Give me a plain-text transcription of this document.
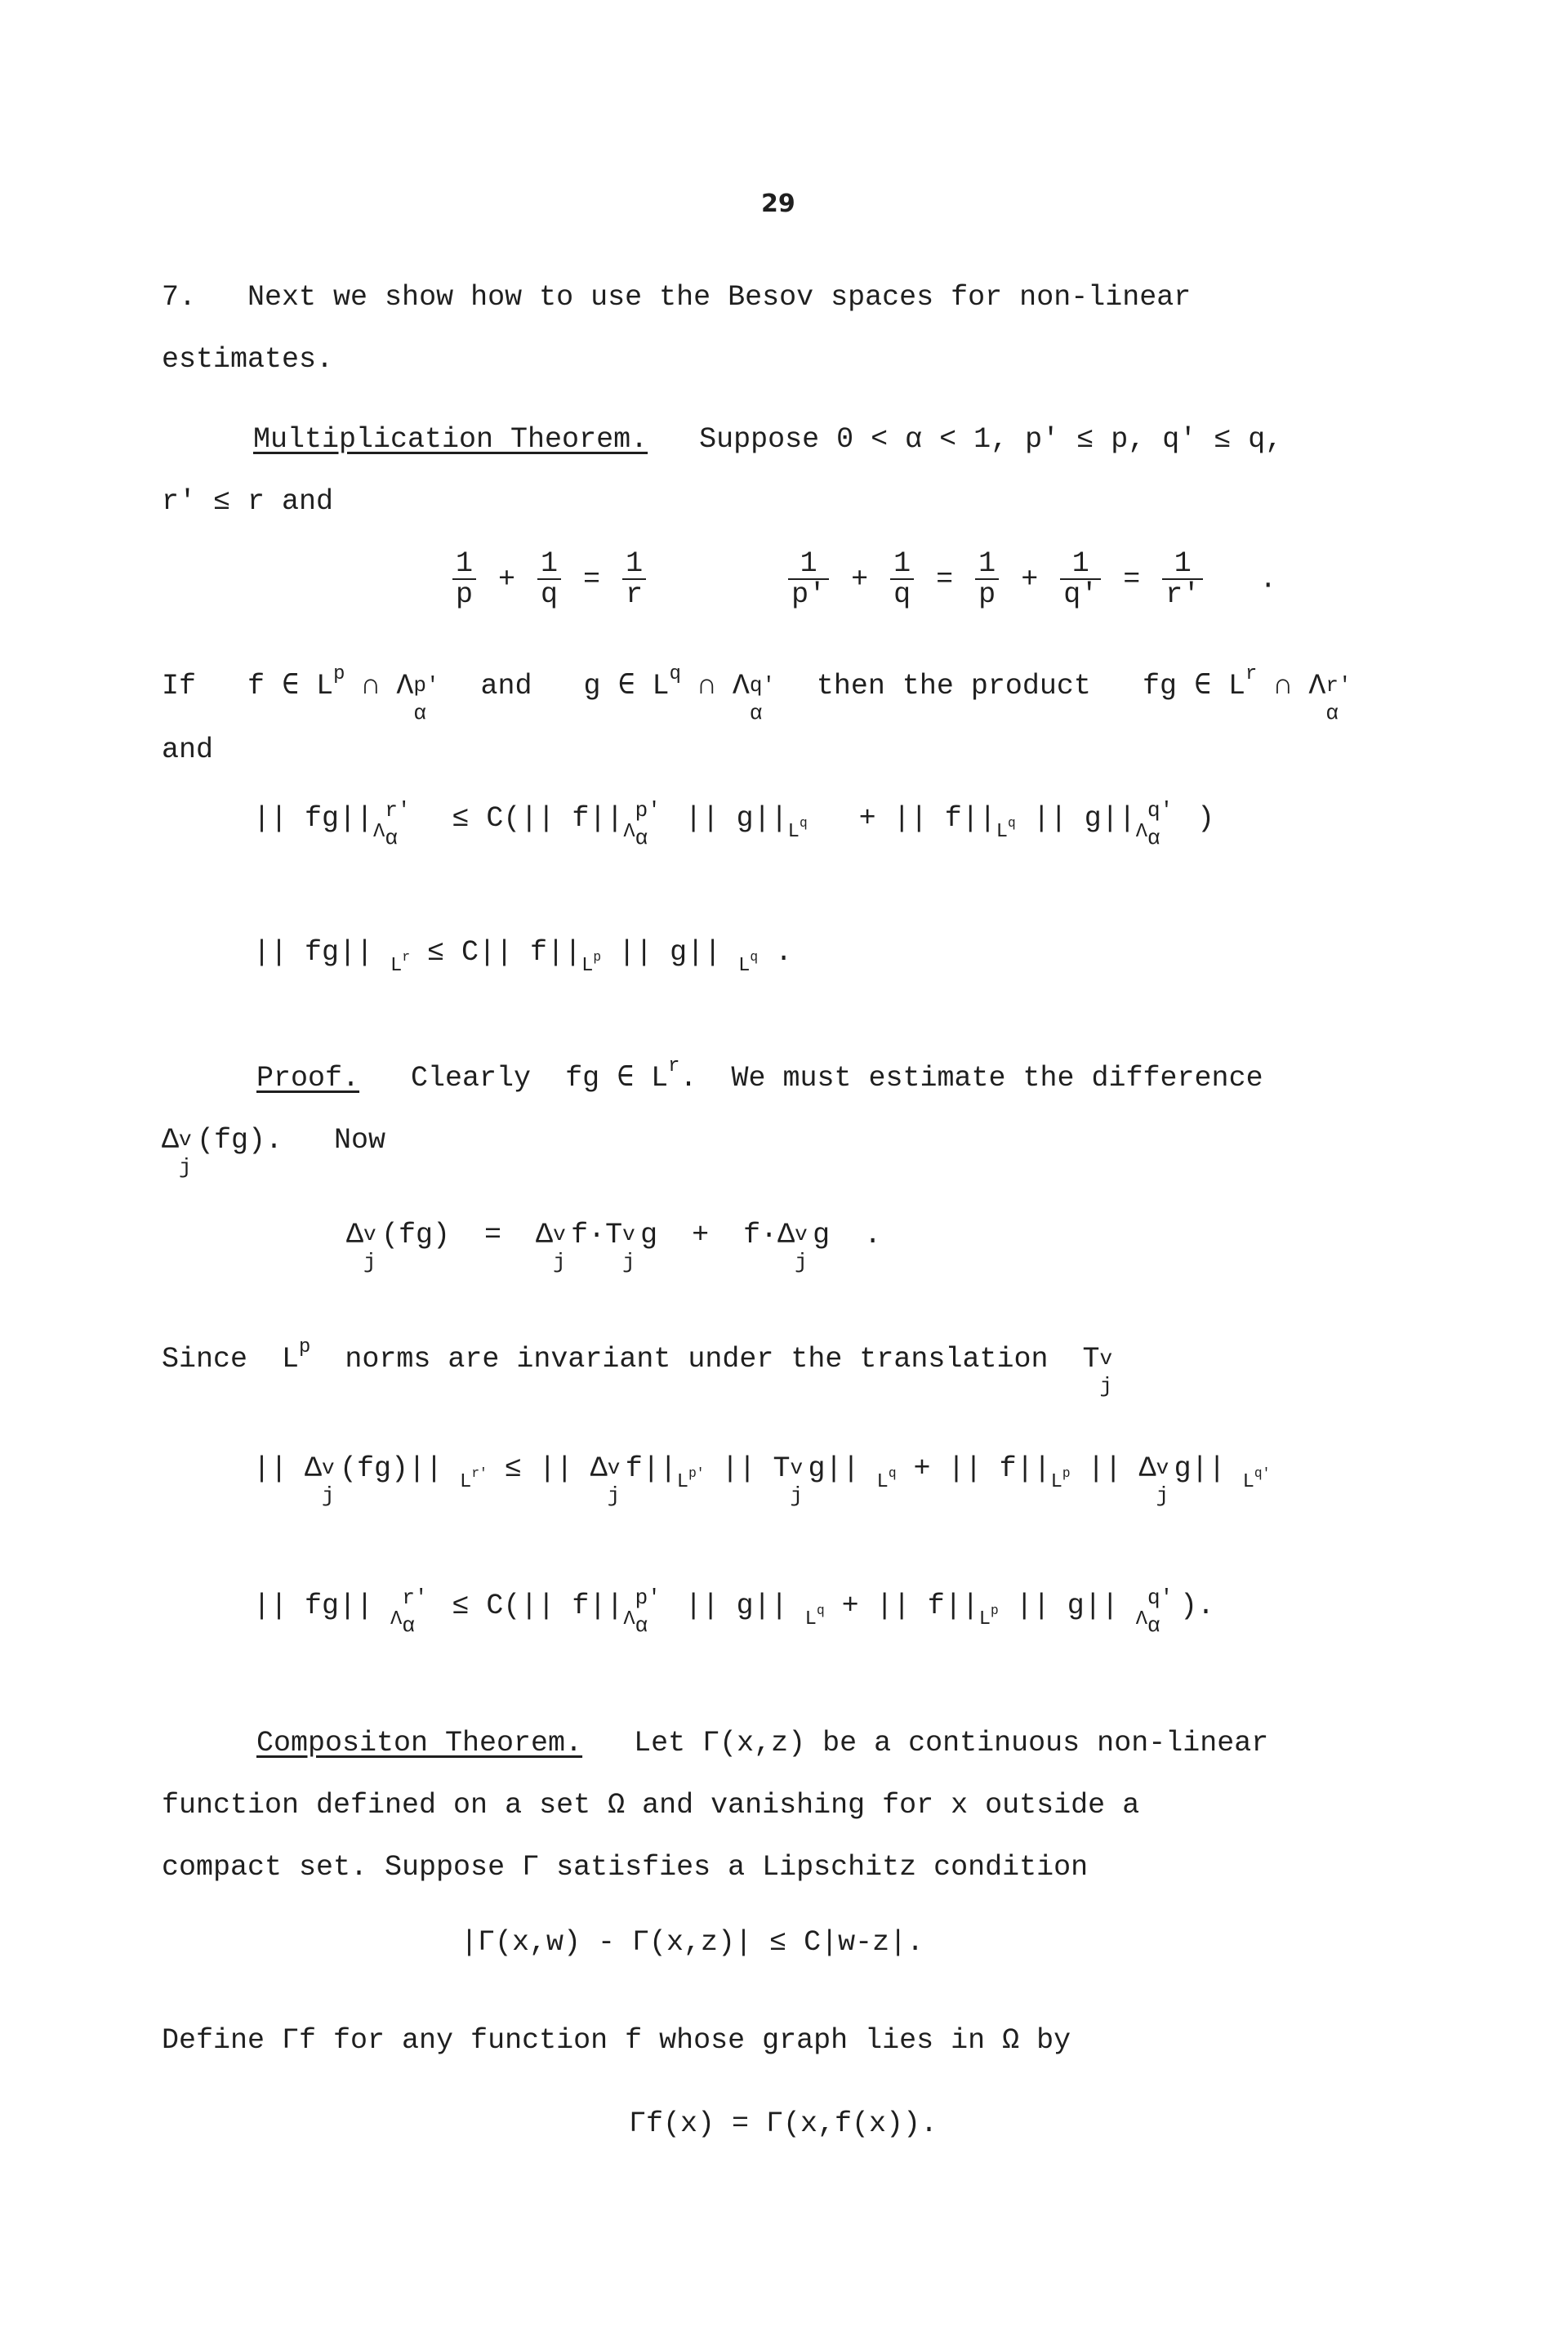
29
7. Next we show how to use the Besov spaces for non-linear
estimates.
Multiplication Theorem. Suppose 0 < α < 1, p' ≤ p, q' ≤ q,
r' ≤ r and
$\frac{1}{p} + \frac{1}{q} = \frac{1}{r}$
	$\frac{1}{p'} + \frac{1}{q} = \frac{1}{p} + \frac{1}{q'} = \frac{1}{r'}$ .
If f ∈ $L^p$ ∩ Λ p'
α
and g ∈ $L^q$ ∩ Λ q'
α
then the product fg ∈ $L^r$ ∩ Λ r'
α
and
|| $fg||_{\Lambda r' \alpha}$
≤ C(|| $f||_{\Lambda p' \alpha}$
|| $g||_{L^q}$   + || $f||_{L^q}$ || $g||_{\Lambda q' \alpha}$
)
|| fg|| $_{L^r}$ ≤ C|| $f||_{L^p}$ || g|| $_{L^q}$ .
Proof.   Clearly  fg ∈ $L^r$.  We must estimate the difference
Δ v
j
(fg).   Now
Δ v
j
(fg)  =  Δ v
j
f·T v
j
g  +  f·Δ v
j
g  .
Since  $L^p$  norms are invariant under the translation  T v
j
|| Δ v
j
(fg)|| $_{L^{r'}}$ ≤ || Δ v
j
$f||_{L^{p'}}$ || T v
j
g|| $_{L^q}$ + || $f||_{L^p}$ || Δ v
j
g|| $_{L^{q'}}$
|| fg|| $_{\Lambda r' \alpha}$
≤ C(|| $f||_{\Lambda p' \alpha}$
|| g|| $_{L^q}$ + || $f||_{L^p}$ || g|| $_{\Lambda q' \alpha}$
).
Compositon Theorem. Let Γ(x,z) be a continuous non-linear
function defined on a set Ω and vanishing for x outside a
compact set. Suppose Γ satisfies a Lipschitz condition
|Γ(x,w) - Γ(x,z)| ≤ C|w-z|.
Define Γf for any function f whose graph lies in Ω by
Γf(x) = Γ(x,f(x)).
